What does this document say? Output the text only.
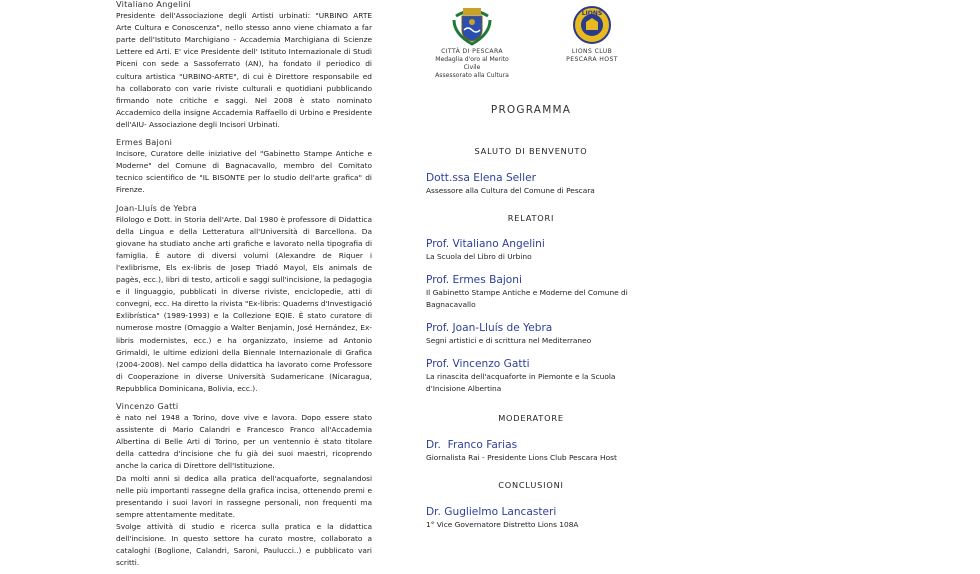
Vitaliano Angelini
Presidente dell'Associazione degli Artisti urbinati: "URBINO ARTE Arte Cultura e Conoscenza", nello stesso anno viene chiamato a far parte dell'Istituto Marchigiano - Accademia Marchigiana di Scienze Lettere ed Arti. E' vice Presidente dell' Istituto Internazionale di Studi Piceni con sede a Sassoferrato (AN), ha fondato il periodico di cultura artistica "URBINO-ARTE", di cui è Direttore responsabile ed ha collaborato con varie riviste culturali e quotidiani pubblicando firmando note critiche e saggi. Nel 2008 è stato nominato Accademico della insigne Accademia Raffaello di Urbino e Presidente dell'AIU- Associazione degli Incisori Urbinati.
Ermes Bajoni
Incisore, Curatore delle iniziative del "Gabinetto Stampe Antiche e Moderne" del Comune di Bagnacavallo, membro del Comitato tecnico scientifico de "IL BISONTE per lo studio dell'arte grafica" di Firenze.
Joan-Lluís de Yebra
Filologo e Dott. in Storia dell'Arte. Dal 1980 è professore di Didattica della Lingua e della Letteratura all'Università di Barcellona. Da giovane ha studiato anche arti grafiche e lavorato nella tipografia di famiglia. È autore di diversi volumi (Alexandre de Riquer i l'exlibrisme, Els ex-libris de Josep Triadó Mayol, Els animals de pagès, ecc.), libri di testo, articoli e saggi sull'incisione, la pedagogia e il linguaggio, pubblicati in diverse riviste, enciclopedie, atti di convegni, ecc. Ha diretto la rivista "Ex-libris: Quaderns d'Investigació Exlibrística" (1989-1993) e la Collezione EQIE. È stato curatore di numerose mostre (Omaggio a Walter Benjamin, José Hernández, Ex-libris modernistes, ecc.) e ha organizzato, insieme ad Antonio Grimaldi, le ultime edizioni della Biennale Internazionale di Grafica (2004-2008). Nel campo della didattica ha lavorato come Professore di Cooperazione in diverse Università Sudamericane (Nicaragua, Repubblica Dominicana, Bolivia, ecc.).
Vincenzo Gatti
è nato nel 1948 a Torino, dove vive e lavora. Dopo essere stato assistente di Mario Calandri e Francesco Franco all'Accademia Albertina di Belle Arti di Torino, per un ventennio è stato titolare della cattedra d'incisione che fu già dei suoi maestri, ricoprendo anche la carica di Direttore dell'Istituzione.
Da molti anni si dedica alla pratica dell'acquaforte, segnalandosi nelle più importanti rassegne della grafica incisa, ottenendo premi e presentando i suoi lavori in rassegne personali, non frequenti ma sempre attentamente meditate.
Svolge attività di studio e ricerca sulla pratica e la didattica dell'incisione. In questo settore ha curato mostre, collaborato a cataloghi (Boglione, Calandri, Saroni, Paulucci..) e pubblicato vari scritti.
CITTÀ DI PESCARA
Medaglia d'oro al Merito Civile
Assessorato alla Cultura
LIONS
LIONS CLUB
PESCARA HOST
PROGRAMMA
SALUTO DI BENVENUTO
Dott.ssa Elena Seller
Assessore alla Cultura del Comune di Pescara
RELATORI
Prof. Vitaliano Angelini
La Scuola del Libro di Urbino
Prof. Ermes Bajoni
Il Gabinetto Stampe Antiche e Moderne del Comune di Bagnacavallo
Prof. Joan-Lluís de Yebra
Segni artistici e di scrittura nel Mediterraneo
Prof. Vincenzo Gatti
La rinascita dell'acquaforte in Piemonte e la Scuola d'Incisione Albertina
MODERATORE
Dr.  Franco Farias
Giornalista Rai - Presidente Lions Club Pescara Host
CONCLUSIONI
Dr. Guglielmo Lancasteri
1° Vice Governatore Distretto Lions 108A
